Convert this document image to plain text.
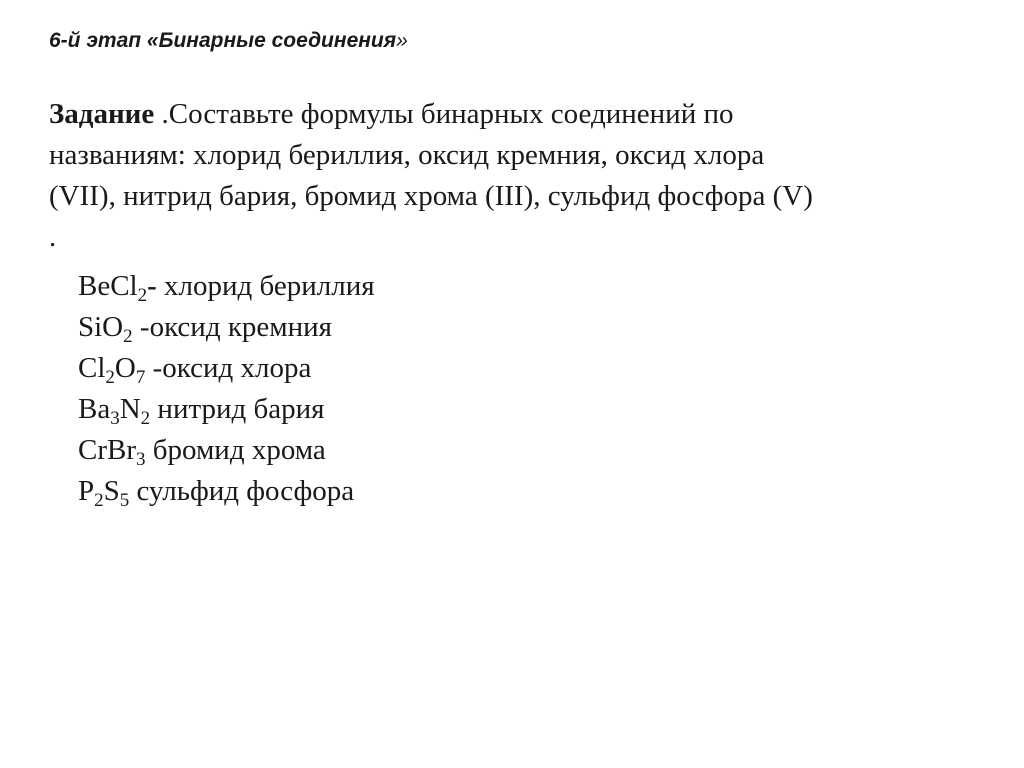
6-й этап «Бинарные соединения»
Задание .Составьте формулы бинарных соединений по
названиям: хлорид бериллия, оксид кремния, оксид хлора
(VII), нитрид бария, бромид хрома (III), сульфид фосфора (V)
.
BeCl$_2$- хлорид бериллия
SiO$_2$ -оксид кремния
$Cl_2O_7$ -оксид хлора
$Ba_3N_2$ нитрид бария
CrBr$_3$ бромид хрома
$P_2S_5$ сульфид фосфора
